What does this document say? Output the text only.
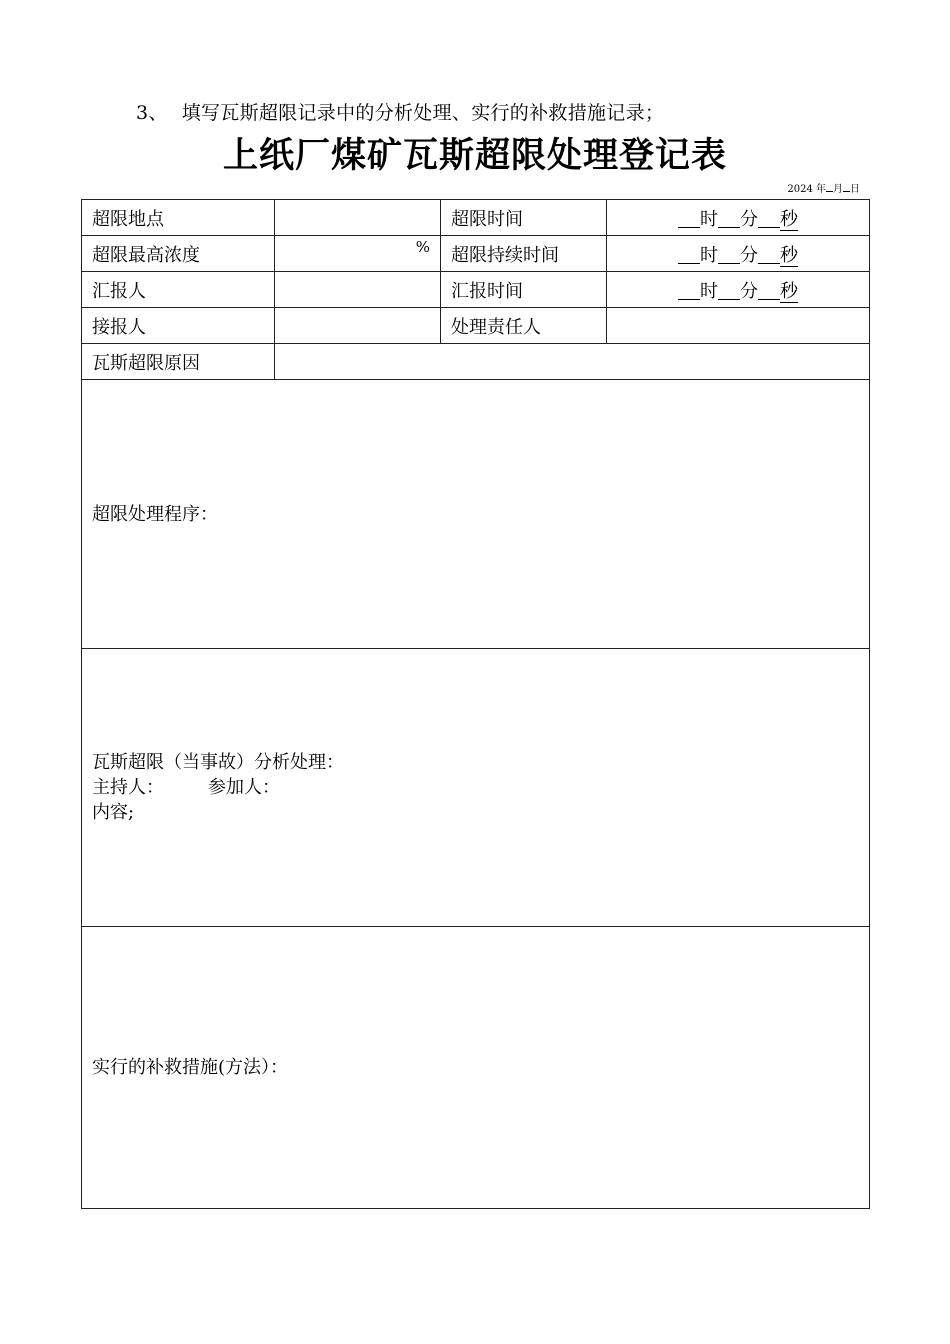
3、 填写瓦斯超限记录中的分析处理、实行的补救措施记录；
上纸厂煤矿瓦斯超限处理登记表
2024 年 月 日
超限地点		超限时间	时 分 秒
超限最高浓度	%	超限持续时间	时 分 秒
汇报人		汇报时间	时 分 秒
接报人		处理责任人	
瓦斯超限原因			

超限处理程序：			

瓦斯超限（当事故）分析处理：
主持人： 参加人：
内容;			

实行的补救措施(方法）：			
